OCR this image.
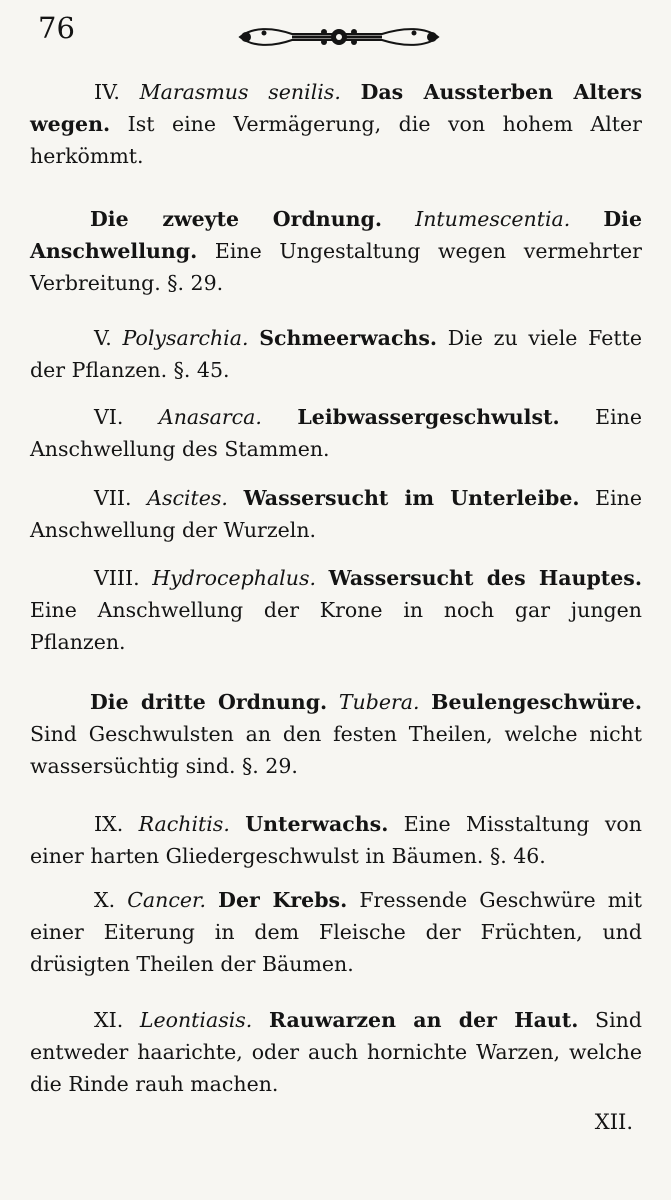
76
IV. Marasmus senilis. Das Aussterben Alters wegen. Ist eine Vermägerung, die von hohem Alter herkömmt.
Die zweyte Ordnung. Intumescentia. Die Anschwellung. Eine Ungestaltung wegen vermehrter Verbreitung. §. 29.
V. Polysarchia. Schmeerwachs. Die zu viele Fette der Pflanzen. §. 45.
VI. Anasarca. Leibwassergeschwulst. Eine Anschwellung des Stammen.
VII. Ascites. Wassersucht im Unterleibe. Eine Anschwellung der Wurzeln.
VIII. Hydrocephalus. Wassersucht des Hauptes. Eine Anschwellung der Krone in noch gar jungen Pflanzen.
Die dritte Ordnung. Tubera. Beulengeschwüre. Sind Geschwulsten an den festen Theilen, welche nicht wassersüchtig sind. §. 29.
IX. Rachitis. Unterwachs. Eine Misstaltung von einer harten Gliedergeschwulst in Bäumen. §. 46.
X. Cancer. Der Krebs. Fressende Geschwüre mit einer Eiterung in dem Fleische der Früchten, und drüsigten Theilen der Bäumen.
XI. Leontiasis. Rauwarzen an der Haut. Sind entweder haarichte, oder auch hornichte Warzen, welche die Rinde rauh machen.
XII.
